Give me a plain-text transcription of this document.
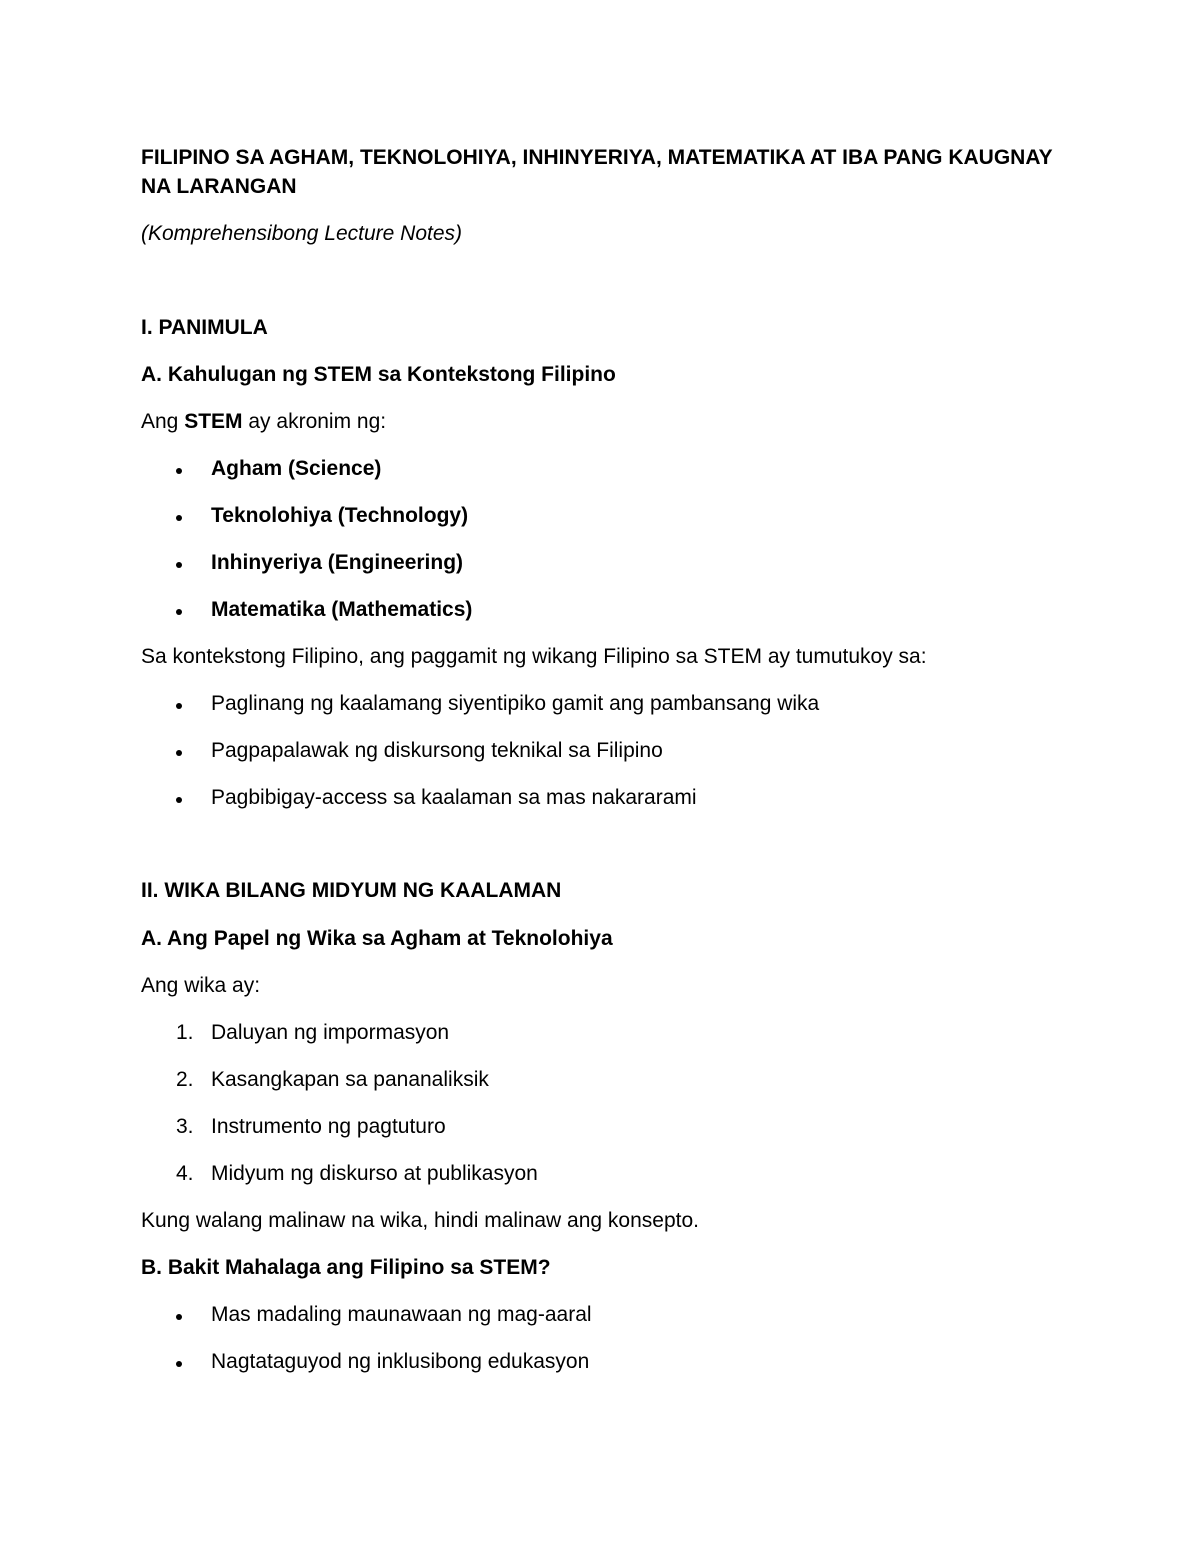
FILIPINO SA AGHAM, TEKNOLOHIYA, INHINYERIYA, MATEMATIKA AT IBA PANG KAUGNAY NA LARANGAN
(Komprehensibong Lecture Notes)
I. PANIMULA
A. Kahulugan ng STEM sa Kontekstong Filipino
Ang STEM ay akronim ng:
Agham (Science)
Teknolohiya (Technology)
Inhinyeriya (Engineering)
Matematika (Mathematics)
Sa kontekstong Filipino, ang paggamit ng wikang Filipino sa STEM ay tumutukoy sa:
Paglinang ng kaalamang siyentipiko gamit ang pambansang wika
Pagpapalawak ng diskursong teknikal sa Filipino
Pagbibigay-access sa kaalaman sa mas nakararami
II. WIKA BILANG MIDYUM NG KAALAMAN
A. Ang Papel ng Wika sa Agham at Teknolohiya
Ang wika ay:
1. Daluyan ng impormasyon
2. Kasangkapan sa pananaliksik
3. Instrumento ng pagtuturo
4. Midyum ng diskurso at publikasyon
Kung walang malinaw na wika, hindi malinaw ang konsepto.
B. Bakit Mahalaga ang Filipino sa STEM?
Mas madaling maunawaan ng mag-aaral
Nagtataguyod ng inklusibong edukasyon
